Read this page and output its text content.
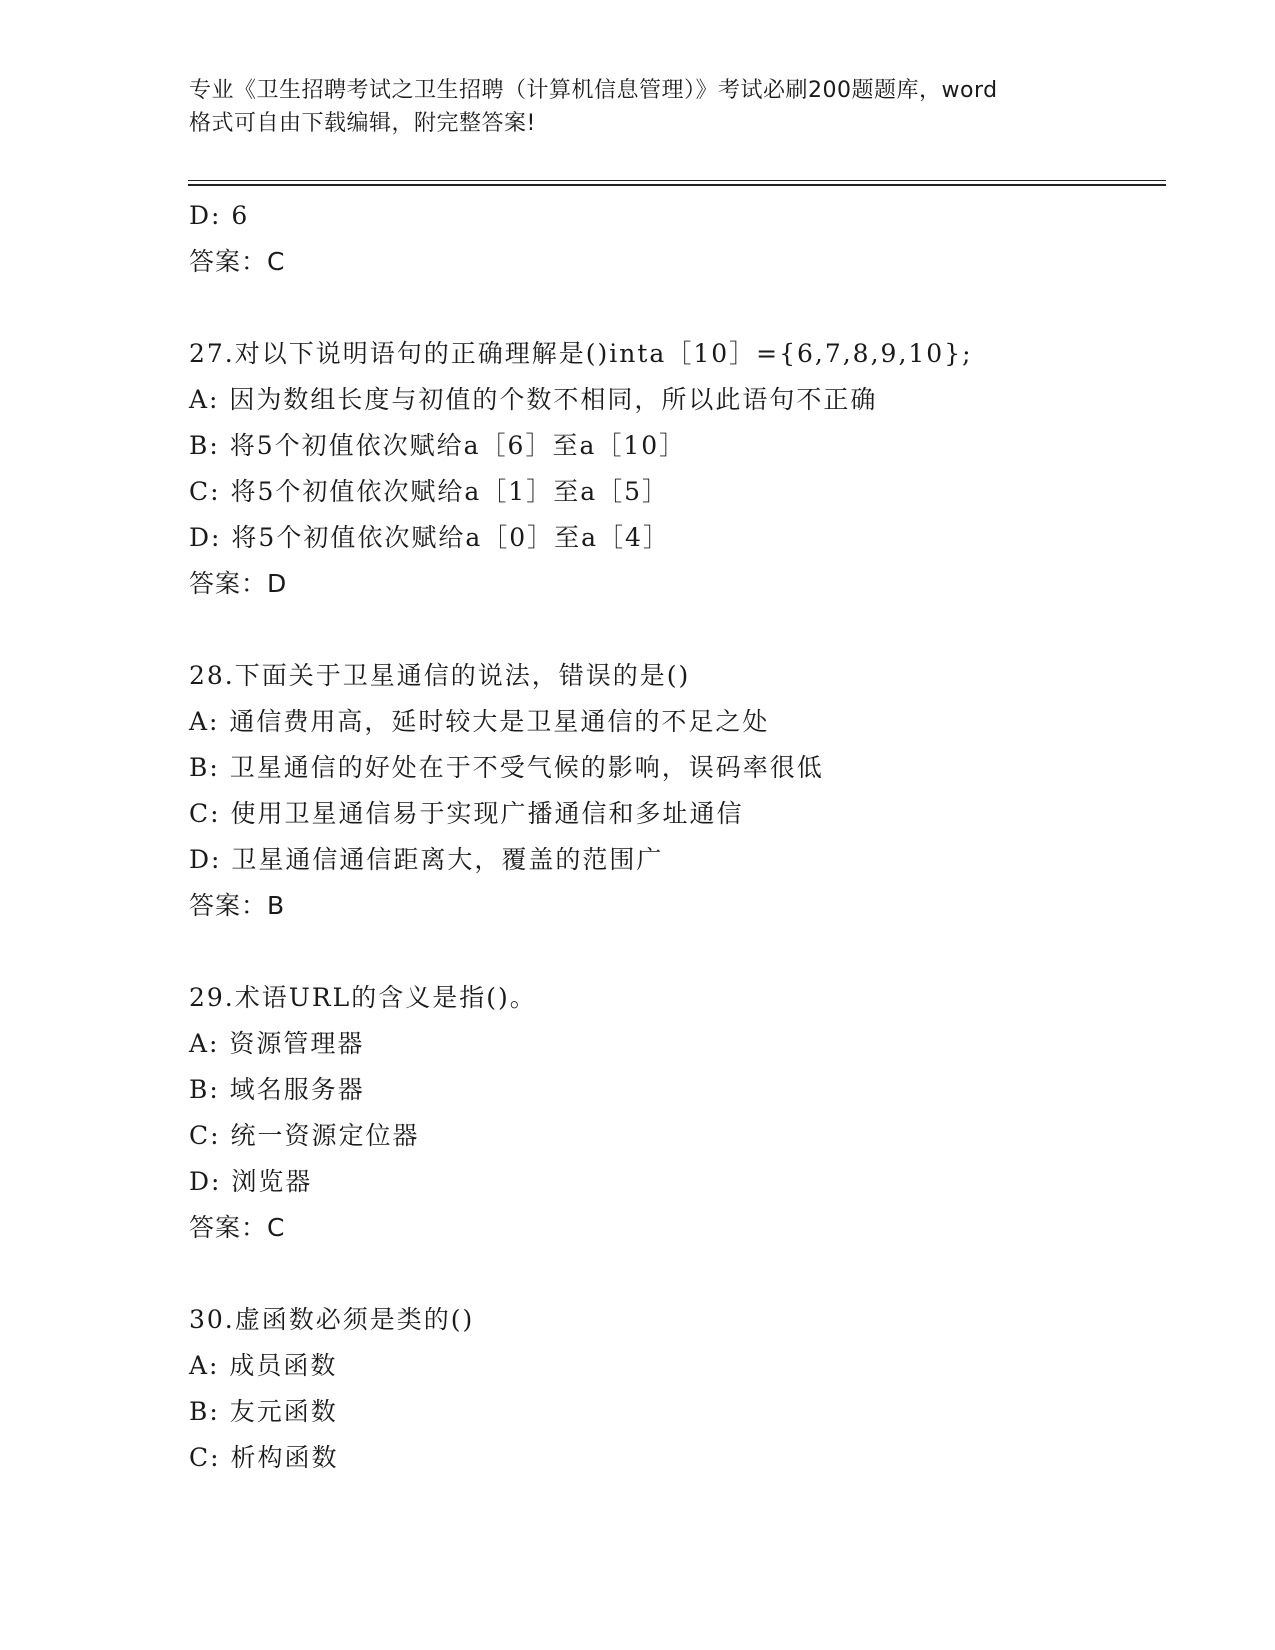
专业《卫生招聘考试之卫生招聘（计算机信息管理）》考试必刷200题题库，word
格式可自由下载编辑，附完整答案!
D: 6
答案：C
27.对以下说明语句的正确理解是()inta［10］={6,7,8,9,10};
A: 因为数组长度与初值的个数不相同，所以此语句不正确
B: 将5个初值依次赋给a［6］至a［10］
C: 将5个初值依次赋给a［1］至a［5］
D: 将5个初值依次赋给a［0］至a［4］
答案：D
28.下面关于卫星通信的说法，错误的是()
A: 通信费用高，延时较大是卫星通信的不足之处
B: 卫星通信的好处在于不受气候的影响，误码率很低
C: 使用卫星通信易于实现广播通信和多址通信
D: 卫星通信通信距离大，覆盖的范围广
答案：B
29.术语URL的含义是指()。
A: 资源管理器
B: 域名服务器
C: 统一资源定位器
D: 浏览器
答案：C
30.虚函数必须是类的()
A: 成员函数
B: 友元函数
C: 析构函数
